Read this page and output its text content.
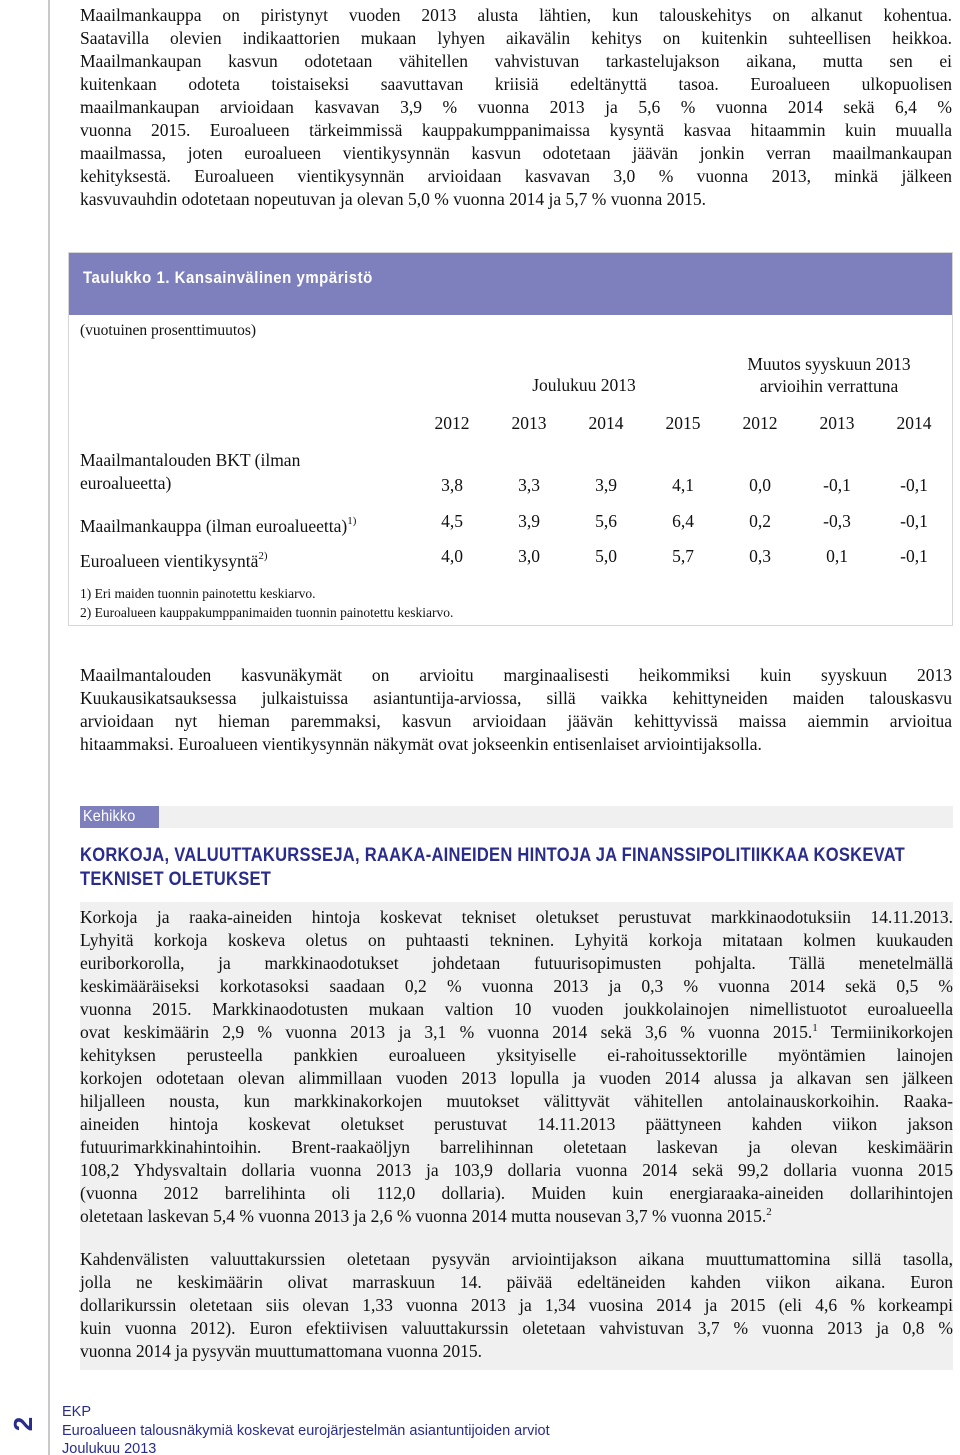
Maailmankauppa on piristynyt vuoden 2013 alusta lähtien, kun talouskehitys on alkanut kohentua.
Saatavilla olevien indikaattorien mukaan lyhyen aikavälin kehitys on kuitenkin suhteellisen heikkoa.
Maailmankaupan kasvun odotetaan vähitellen vahvistuvan tarkastelujakson aikana, mutta sen ei
kuitenkaan odoteta toistaiseksi saavuttavan kriisiä edeltänyttä tasoa. Euroalueen ulkopuolisen
maailmankaupan arvioidaan kasvavan 3,9 % vuonna 2013 ja 5,6 % vuonna 2014 sekä 6,4 %
vuonna 2015. Euroalueen tärkeimmissä kauppakumppanimaissa kysyntä kasvaa hitaammin kuin muualla
maailmassa, joten euroalueen vientikysynnän kasvun odotetaan jäävän jonkin verran maailmankaupan
kehityksestä. Euroalueen vientikysynnän arvioidaan kasvavan 3,0 % vuonna 2013, minkä jälkeen
kasvuvauhdin odotetaan nopeutuvan ja olevan 5,0 % vuonna 2014 ja 5,7 % vuonna 2015.
Taulukko 1. Kansainvälinen ympäristö
(vuotuinen prosenttimuutos)
Joulukuu 2013
Muutos syyskuun 2013
arvioihin verrattuna
2012	2013	2014	2015	2012	2013	2014
Maailmantalouden BKT (ilman
euroalueetta)	3,8	3,3	3,9	4,1	0,0	-0,1	-0,1
Maailmankauppa (ilman euroalueetta)$^{1)}$	4,5	3,9	5,6	6,4	0,2	-0,3	-0,1
Euroalueen vientikysyntä$^{2)}$	4,0	3,0	5,0	5,7	0,3	0,1	-0,1
1) Eri maiden tuonnin painotettu keskiarvo.
2) Euroalueen kauppakumppanimaiden tuonnin painotettu keskiarvo.
Maailmantalouden kasvunäkymät on arvioitu marginaalisesti heikommiksi kuin syyskuun 2013
Kuukausikatsauksessa julkaistuissa asiantuntija-arviossa, sillä vaikka kehittyneiden maiden talouskasvu
arvioidaan nyt hieman paremmaksi, kasvun arvioidaan jäävän kehittyvissä maissa aiemmin arvioitua
hitaammaksi. Euroalueen vientikysynnän näkymät ovat jokseenkin entisenlaiset arviointijaksolla.
Kehikko
KORKOJA, VALUUTTAKURSSEJA, RAAKA-AINEIDEN HINTOJA JA FINANSSIPOLITIIKKAA KOSKEVAT
TEKNISET OLETUKSET
Korkoja ja raaka-aineiden hintoja koskevat tekniset oletukset perustuvat markkinaodotuksiin 14.11.2013.
Lyhyitä korkoja koskeva oletus on puhtaasti tekninen. Lyhyitä korkoja mitataan kolmen kuukauden
euriborkorolla, ja markkinaodotukset johdetaan futuurisopimusten pohjalta. Tällä menetelmällä
keskimääräiseksi korkotasoksi saadaan 0,2 % vuonna 2013 ja 0,3 % vuonna 2014 sekä 0,5 %
vuonna 2015. Markkinaodotusten mukaan valtion 10 vuoden joukkolainojen nimellistuotot euroalueella
ovat keskimäärin 2,9 % vuonna 2013 ja 3,1 % vuonna 2014 sekä 3,6 % vuonna 2015.$^1$ Termiinikorkojen
kehityksen perusteella pankkien euroalueen yksityiselle ei-rahoitussektorille myöntämien lainojen
korkojen odotetaan olevan alimmillaan vuoden 2013 lopulla ja vuoden 2014 alussa ja alkavan sen jälkeen
hiljalleen nousta, kun markkinakorkojen muutokset välittyvät vähitellen antolainauskorkoihin. Raaka-
aineiden hintoja koskevat oletukset perustuvat 14.11.2013 päättyneen kahden viikon jakson
futuurimarkkinahintoihin. Brent-raakaöljyn barrelihinnan oletetaan laskevan ja olevan keskimäärin
108,2 Yhdysvaltain dollaria vuonna 2013 ja 103,9 dollaria vuonna 2014 sekä 99,2 dollaria vuonna 2015
(vuonna 2012 barrelihinta oli 112,0 dollaria). Muiden kuin energiaraaka-aineiden dollarihintojen
oletetaan laskevan 5,4 % vuonna 2013 ja 2,6 % vuonna 2014 mutta nousevan 3,7 % vuonna 2015.$^2$
Kahdenvälisten valuuttakurssien oletetaan pysyvän arviointijakson aikana muuttumattomina sillä tasolla,
jolla ne keskimäärin olivat marraskuun 14. päivää edeltäneiden kahden viikon aikana. Euron
dollarikurssin oletetaan siis olevan 1,33 vuonna 2013 ja 1,34 vuosina 2014 ja 2015 (eli 4,6 % korkeampi
kuin vuonna 2012). Euron efektiivisen valuuttakurssin oletetaan vahvistuvan 3,7 % vuonna 2013 ja 0,8 %
vuonna 2014 ja pysyvän muuttumattomana vuonna 2015.
2
EKP
Euroalueen talousnäkymiä koskevat eurojärjestelmän asiantuntijoiden arviot
Joulukuu 2013
